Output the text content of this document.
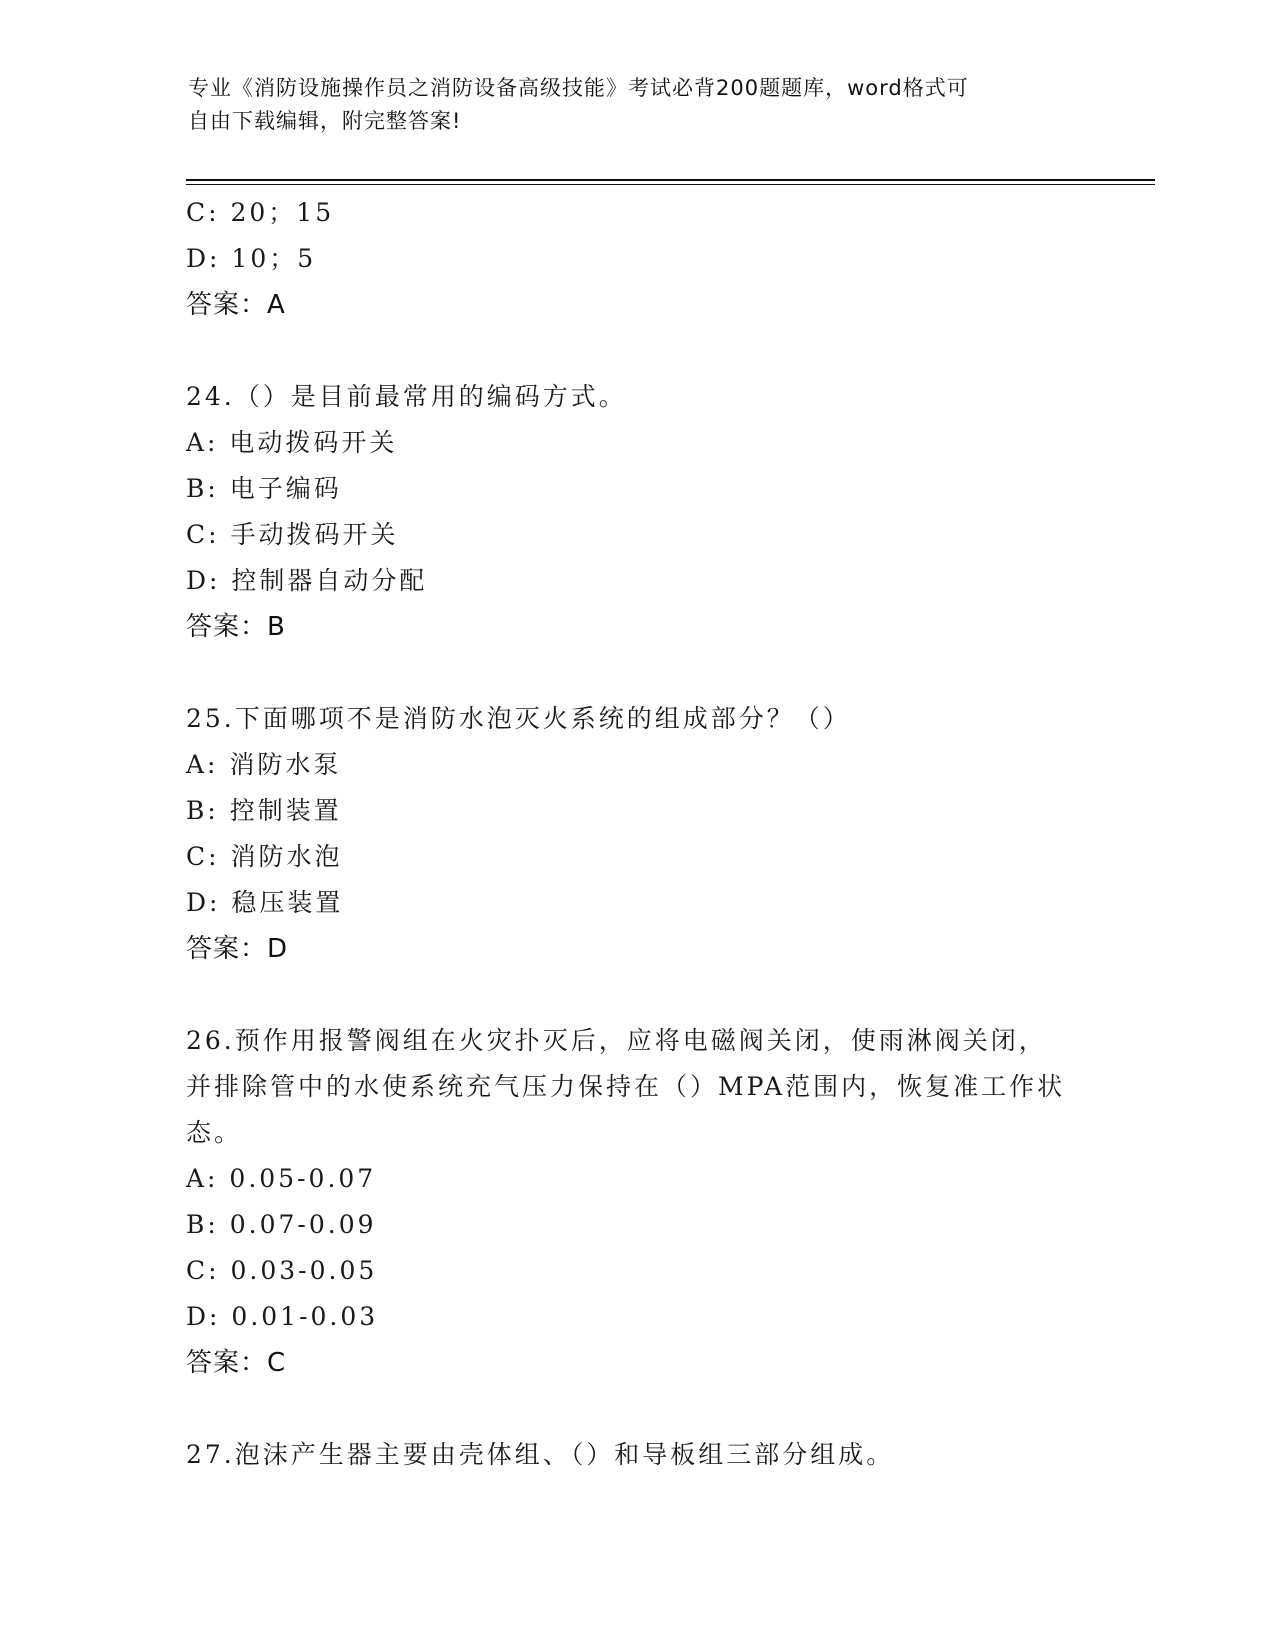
专业《消防设施操作员之消防设备高级技能》考试必背200题题库，word格式可

自由下载编辑，附完整答案!

C: 20；15
D: 10；5
答案：A
24.（）是目前最常用的编码方式。
A: 电动拨码开关
B: 电子编码
C: 手动拨码开关
D: 控制器自动分配
答案：B
25.下面哪项不是消防水泡灭火系统的组成部分？（）
A: 消防水泵
B: 控制装置
C: 消防水泡
D: 稳压装置
答案：D
26.预作用报警阀组在火灾扑灭后，应将电磁阀关闭，使雨淋阀关闭，
并排除管中的水使系统充气压力保持在（）MPA范围内，恢复准工作状
态。
A: 0.05-0.07
B: 0.07-0.09
C: 0.03-0.05
D: 0.01-0.03
答案：C
27.泡沫产生器主要由壳体组、（）和导板组三部分组成。
